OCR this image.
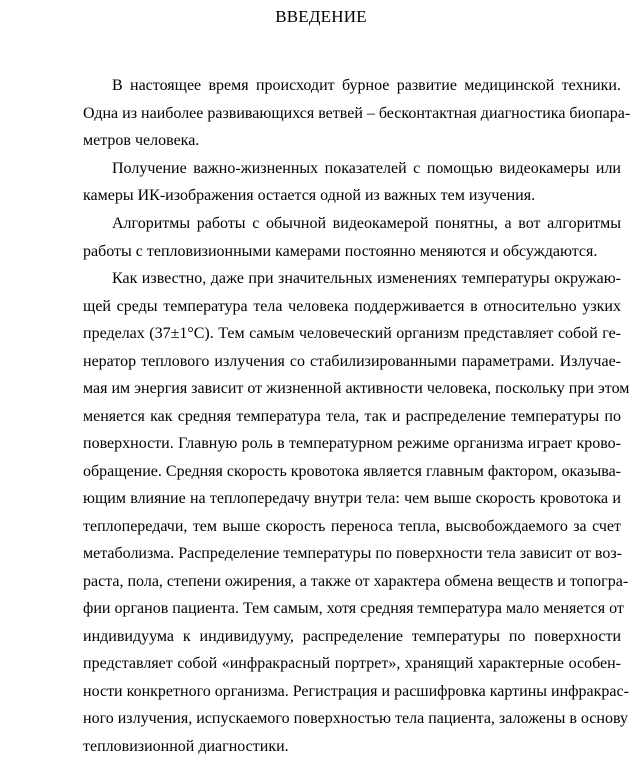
ВВЕДЕНИЕ
В настоящее время происходит бурное развитие медицинской техники.
Одна из наиболее развивающихся ветвей – бесконтактная диагностика биопара-
метров человека.
Получение важно-жизненных показателей с помощью видеокамеры или
камеры ИК-изображения остается одной из важных тем изучения.
Алгоритмы работы с обычной видеокамерой понятны, а вот алгоритмы
работы с тепловизионными камерами постоянно меняются и обсуждаются.
Как известно, даже при значительных изменениях температуры окружаю-
щей среды температура тела человека поддерживается в относительно узких
пределах (37±1°С). Тем самым человеческий организм представляет собой ге-
нератор теплового излучения со стабилизированными параметрами. Излучае-
мая им энергия зависит от жизненной активности человека, поскольку при этом
меняется как средняя температура тела, так и распределение температуры по
поверхности. Главную роль в температурном режиме организма играет крово-
обращение. Средняя скорость кровотока является главным фактором, оказыва-
ющим влияние на теплопередачу внутри тела: чем выше скорость кровотока и
теплопередачи, тем выше скорость переноса тепла, высвобождаемого за счет
метаболизма. Распределение температуры по поверхности тела зависит от воз-
раста, пола, степени ожирения, а также от характера обмена веществ и топогра-
фии органов пациента. Тем самым, хотя средняя температура мало меняется от
индивидуума к индивидууму, распределение температуры по поверхности
представляет собой «инфракрасный портрет», хранящий характерные особен-
ности конкретного организма. Регистрация и расшифровка картины инфракрас-
ного излучения, испускаемого поверхностью тела пациента, заложены в основу
тепловизионной диагностики.
